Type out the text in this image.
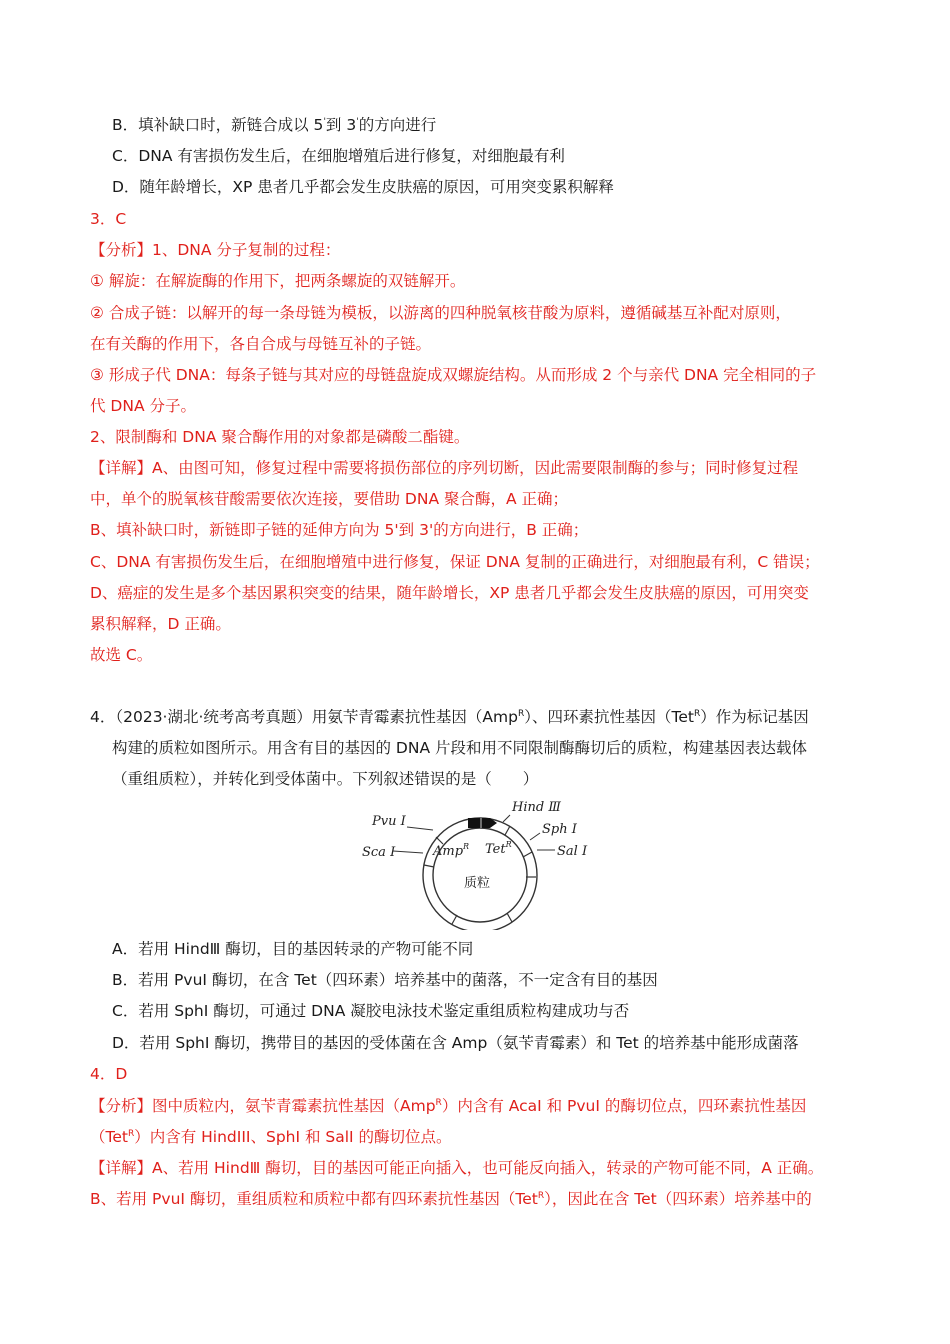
B．填补缺口时，新链合成以 5'到 3'的方向进行
C．DNA 有害损伤发生后，在细胞增殖后进行修复，对细胞最有利
D．随年龄增长，XP 患者几乎都会发生皮肤癌的原因，可用突变累积解释
3．C
【分析】1、DNA 分子复制的过程：
① 解旋：在解旋酶的作用下，把两条螺旋的双链解开。
② 合成子链：以解开的每一条母链为模板，以游离的四种脱氧核苷酸为原料，遵循碱基互补配对原则，
在有关酶的作用下，各自合成与母链互补的子链。
③ 形成子代 DNA：每条子链与其对应的母链盘旋成双螺旋结构。从而形成 2 个与亲代 DNA 完全相同的子
代 DNA 分子。
2、限制酶和 DNA 聚合酶作用的对象都是磷酸二酯键。
【详解】A、由图可知，修复过程中需要将损伤部位的序列切断，因此需要限制酶的参与；同时修复过程
中，单个的脱氧核苷酸需要依次连接，要借助 DNA 聚合酶，A 正确；
B、填补缺口时，新链即子链的延伸方向为 5'到 3'的方向进行，B 正确；
C、DNA 有害损伤发生后，在细胞增殖中进行修复，保证 DNA 复制的正确进行，对细胞最有利，C 错误；
D、癌症的发生是多个基因累积突变的结果，随年龄增长，XP 患者几乎都会发生皮肤癌的原因，可用突变
累积解释，D 正确。
故选 C。
4．（2023·湖北·统考高考真题）用氨苄青霉素抗性基因（Amp$^R$）、四环素抗性基因（Tet$^R$）作为标记基因
构建的质粒如图所示。用含有目的基因的 DNA 片段和用不同限制酶酶切后的质粒，构建基因表达载体
（重组质粒），并转化到受体菌中。下列叙述错误的是（　　）
Hind Ⅲ
Sph Ⅰ
Sal Ⅰ
Pvu Ⅰ
Sca Ⅰ	Amp$^R$ Tet$^R$
质粒
A．若用 HindⅢ 酶切，目的基因转录的产物可能不同
B．若用 PvuⅠ 酶切，在含 Tet（四环素）培养基中的菌落，不一定含有目的基因
C．若用 SphⅠ 酶切，可通过 DNA 凝胶电泳技术鉴定重组质粒构建成功与否
D．若用 SphⅠ 酶切，携带目的基因的受体菌在含 Amp（氨苄青霉素）和 Tet 的培养基中能形成菌落
4．D
【分析】图中质粒内，氨苄青霉素抗性基因（Amp$^R$）内含有 AcaI 和 PvuI 的酶切位点，四环素抗性基因
（Tet$^R$）内含有 HindIII、SphI 和 SalI 的酶切位点。
【详解】A、若用 HindⅢ 酶切，目的基因可能正向插入，也可能反向插入，转录的产物可能不同，A 正确。
B、若用 PvuI 酶切，重组质粒和质粒中都有四环素抗性基因（Tet$^R$），因此在含 Tet（四环素）培养基中的
